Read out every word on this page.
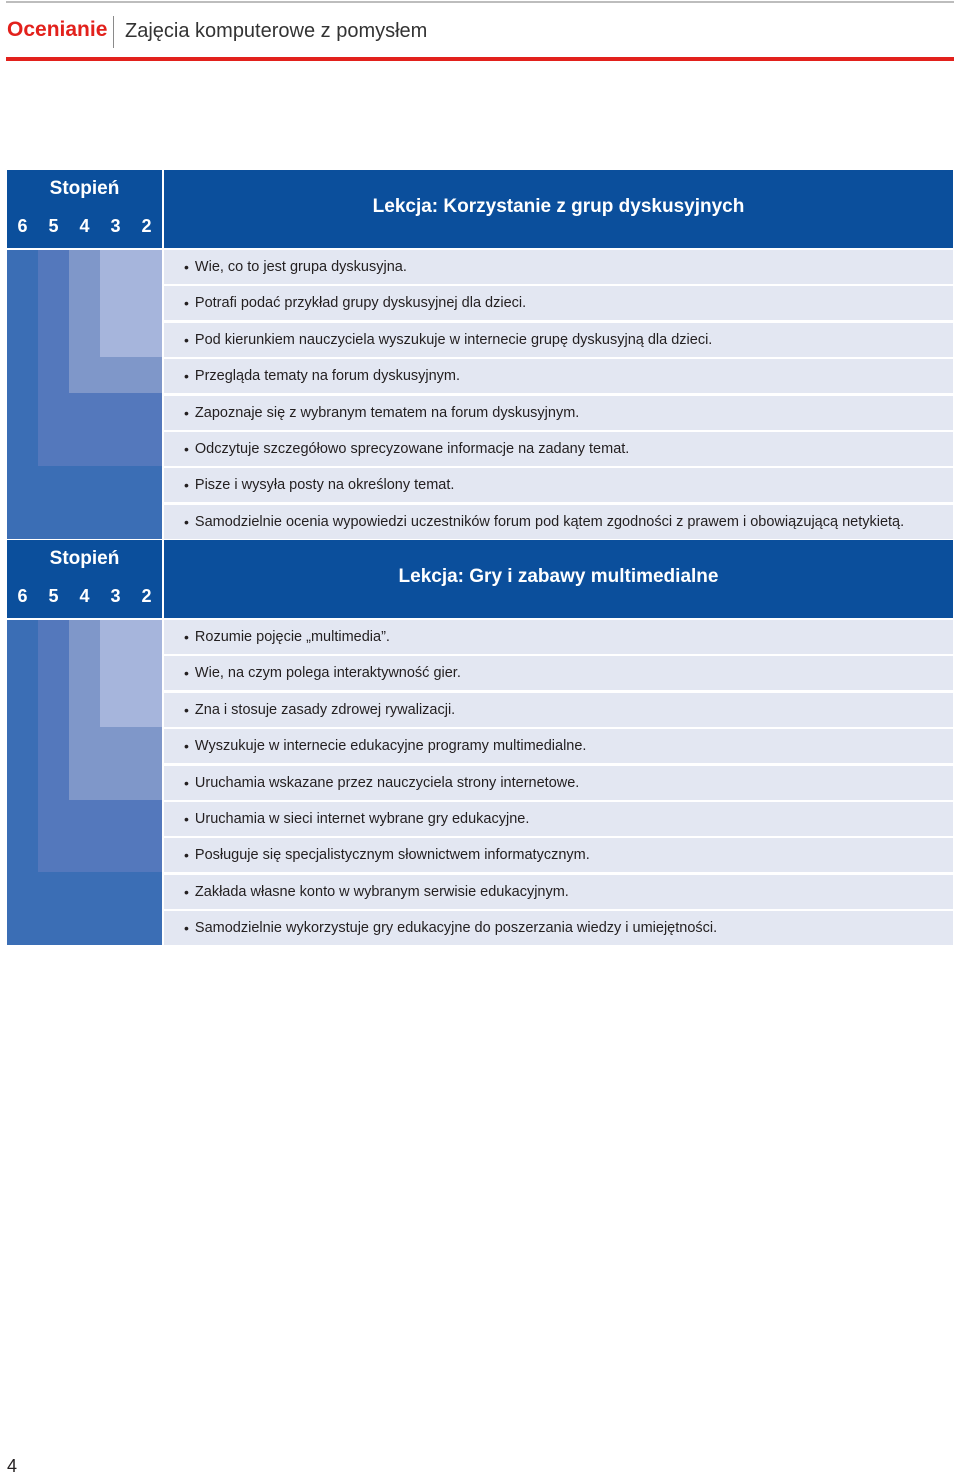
Ocenianie Zajęcia komputerowe z pomysłem
Stopień
6	5	4	3	2
Lekcja: Korzystanie z grup dyskusyjnych
• Wie, co to jest grupa dyskusyjna.
• Potrafi podać przykład grupy dyskusyjnej dla dzieci.
• Pod kierunkiem nauczyciela wyszukuje w internecie grupę dyskusyjną dla dzieci.
• Przegląda tematy na forum dyskusyjnym.
• Zapoznaje się z wybranym tematem na forum dyskusyjnym.
• Odczytuje szczegółowo sprecyzowane informacje na zadany temat.
• Pisze i wysyła posty na określony temat.
• Samodzielnie ocenia wypowiedzi uczestników forum pod kątem zgodności z prawem i obowiązującą netykietą.
Stopień
6	5	4	3	2
Lekcja: Gry i zabawy multimedialne
• Rozumie pojęcie „multimedia”.
• Wie, na czym polega interaktywność gier.
• Zna i stosuje zasady zdrowej rywalizacji.
• Wyszukuje w internecie edukacyjne programy multimedialne.
• Uruchamia wskazane przez nauczyciela strony internetowe.
• Uruchamia w sieci internet wybrane gry edukacyjne.
• Posługuje się specjalistycznym słownictwem informatycznym.
• Zakłada własne konto w wybranym serwisie edukacyjnym.
• Samodzielnie wykorzystuje gry edukacyjne do poszerzania wiedzy i umiejętności.
4
